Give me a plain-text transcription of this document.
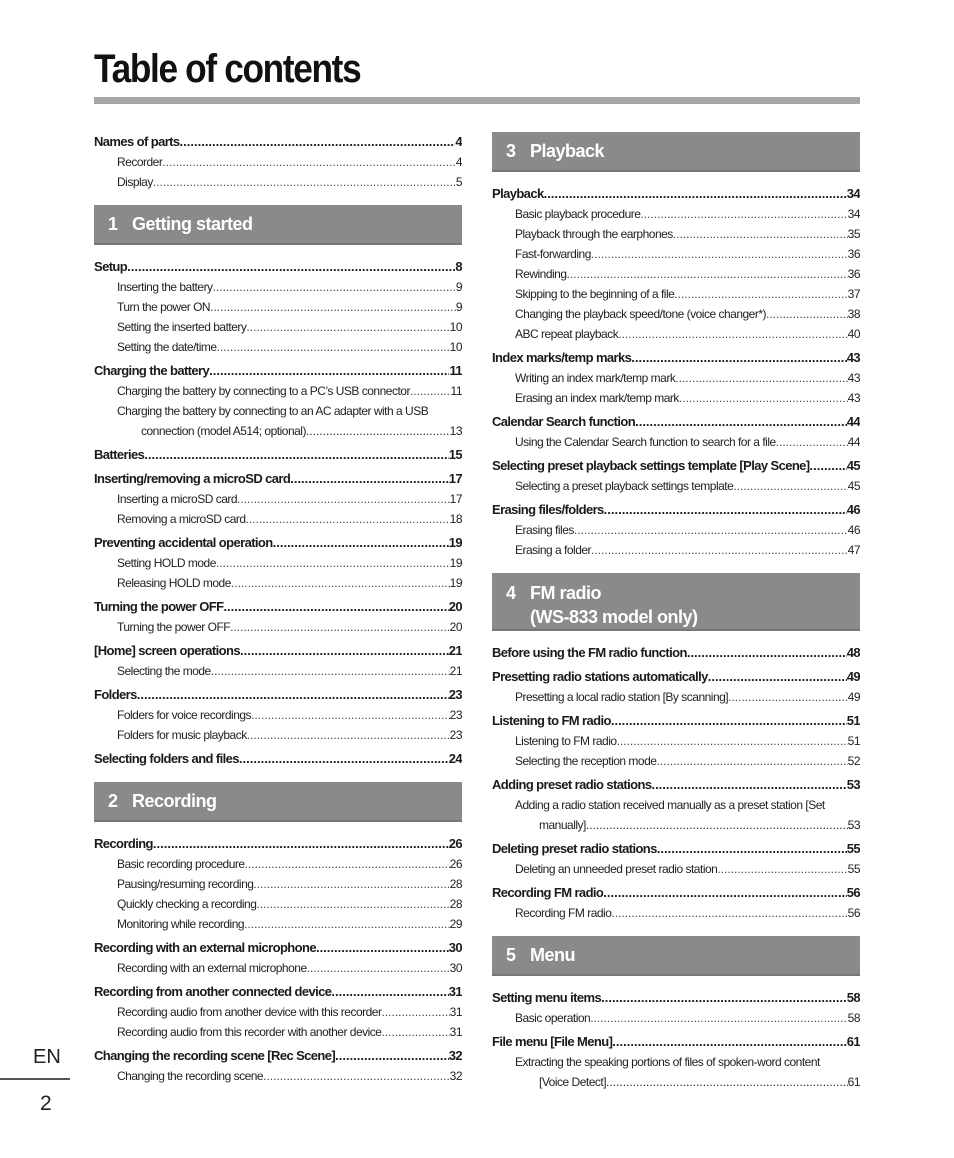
Table of contents
Names of parts .....	4
Recorder .....	4
Display .....	5
1 Getting started
Setup .....	8
Inserting the battery .....	9
Turn the power ON .....	9
Setting the inserted battery .....	10
Setting the date/time .....	10
Charging the battery .....	11
Charging the battery by connecting to a PC’s USB connector .....	11
Charging the battery by connecting to an AC adapter with a USB
connection (model A514; optional) .....	13
Batteries .....	15
Inserting/removing a microSD card .....	17
Inserting a microSD card .....	17
Removing a microSD card .....	18
Preventing accidental operation .....	19
Setting HOLD mode .....	19
Releasing HOLD mode .....	19
Turning the power OFF .....	20
Turning the power OFF .....	20
[Home] screen operations .....	21
Selecting the mode .....	21
Folders .....	23
Folders for voice recordings .....	23
Folders for music playback .....	23
Selecting folders and files .....	24
2 Recording
Recording .....	26
Basic recording procedure .....	26
Pausing/resuming recording .....	28
Quickly checking a recording .....	28
Monitoring while recording .....	29
Recording with an external microphone .....	30
Recording with an external microphone .....	30
Recording from another connected device .....	31
Recording audio from another device with this recorder .....	31
Recording audio from this recorder with another device .....	31
Changing the recording scene [Rec Scene] .....	32
Changing the recording scene .....	32
3 Playback
Playback .....	34
Basic playback procedure .....	34
Playback through the earphones .....	35
Fast-forwarding .....	36
Rewinding .....	36
Skipping to the beginning of a file .....	37
Changing the playback speed/tone (voice changer*) .....	38
ABC repeat playback .....	40
Index marks/temp marks .....	43
Writing an index mark/temp mark .....	43
Erasing an index mark/temp mark .....	43
Calendar Search function .....	44
Using the Calendar Search function to search for a file .....	44
Selecting preset playback settings template [Play Scene] .....	45
Selecting a preset playback settings template .....	45
Erasing files/folders .....	46
Erasing files .....	46
Erasing a folder .....	47
4 FM radio
(WS-833 model only)
Before using the FM radio function .....	48
Presetting radio stations automatically .....	49
Presetting a local radio station [By scanning] .....	49
Listening to FM radio .....	51
Listening to FM radio .....	51
Selecting the reception mode .....	52
Adding preset radio stations .....	53
Adding a radio station received manually as a preset station [Set
manually] .....	53
Deleting preset radio stations .....	55
Deleting an unneeded preset radio station .....	55
Recording FM radio .....	56
Recording FM radio .....	56
5 Menu
Setting menu items .....	58
Basic operation .....	58
File menu [File Menu] .....	61
Extracting the speaking portions of files of spoken-word content
[Voice Detect] .....	61
EN
2
